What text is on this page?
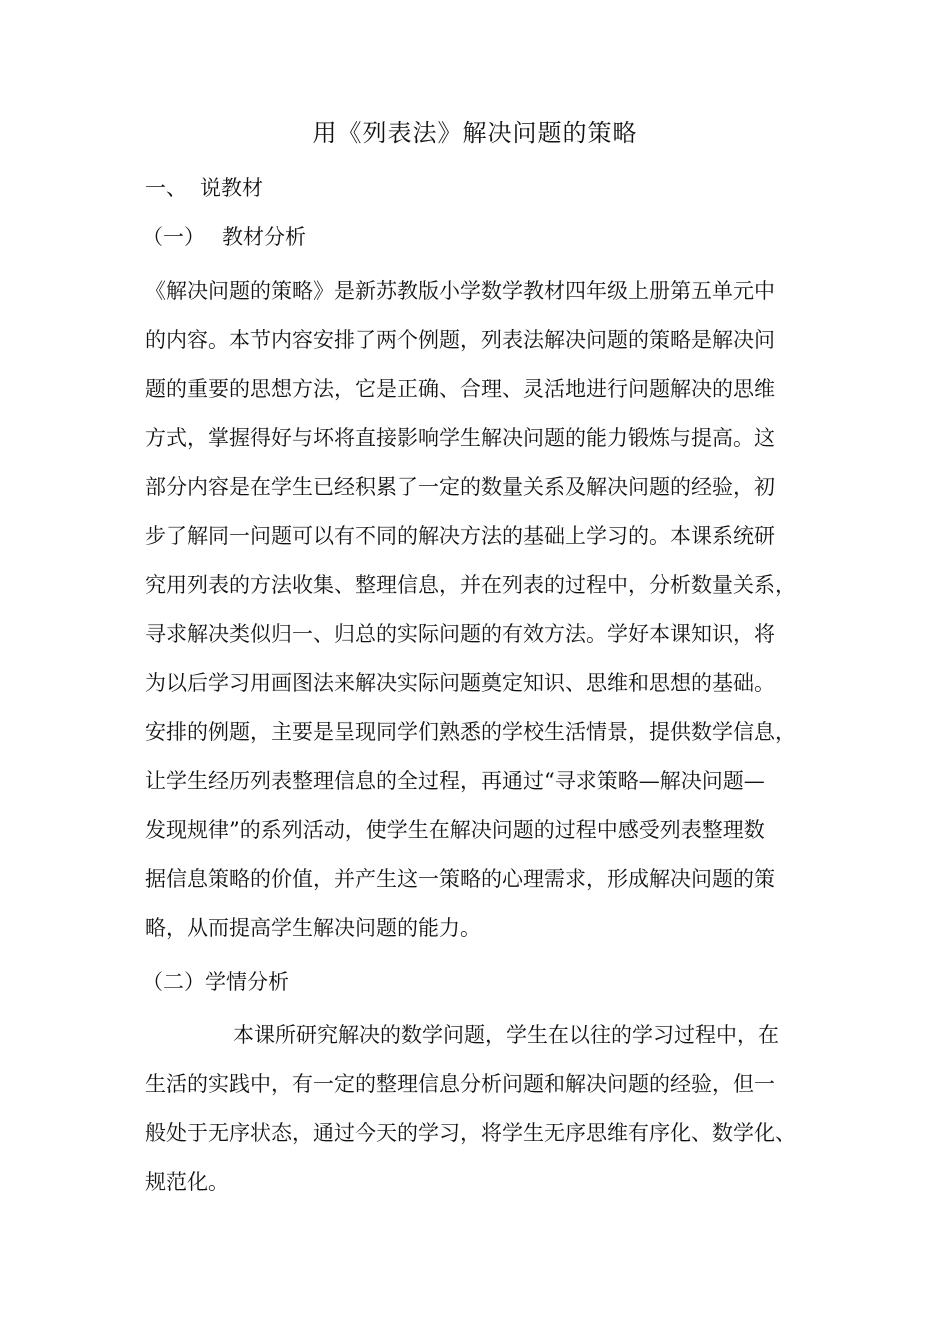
用《列表法》解决问题的策略
一、 说教材
（一） 教材分析
《解决问题的策略》是新苏教版小学数学教材四年级上册第五单元中
的内容。本节内容安排了两个例题，列表法解决问题的策略是解决问
题的重要的思想方法，它是正确、合理、灵活地进行问题解决的思维
方式，掌握得好与坏将直接影响学生解决问题的能力锻炼与提高。这
部分内容是在学生已经积累了一定的数量关系及解决问题的经验，初
步了解同一问题可以有不同的解决方法的基础上学习的。本课系统研
究用列表的方法收集、整理信息，并在列表的过程中，分析数量关系，
寻求解决类似归一、归总的实际问题的有效方法。学好本课知识，将
为以后学习用画图法来解决实际问题奠定知识、思维和思想的基础。
安排的例题，主要是呈现同学们熟悉的学校生活情景，提供数学信息，
让学生经历列表整理信息的全过程，再通过“寻求策略—解决问题—
发现规律”的系列活动，使学生在解决问题的过程中感受列表整理数
据信息策略的价值，并产生这一策略的心理需求，形成解决问题的策
略，从而提高学生解决问题的能力。
（二）学情分析
本课所研究解决的数学问题，学生在以往的学习过程中，在
生活的实践中，有一定的整理信息分析问题和解决问题的经验，但一
般处于无序状态，通过今天的学习，将学生无序思维有序化、数学化、
规范化。
